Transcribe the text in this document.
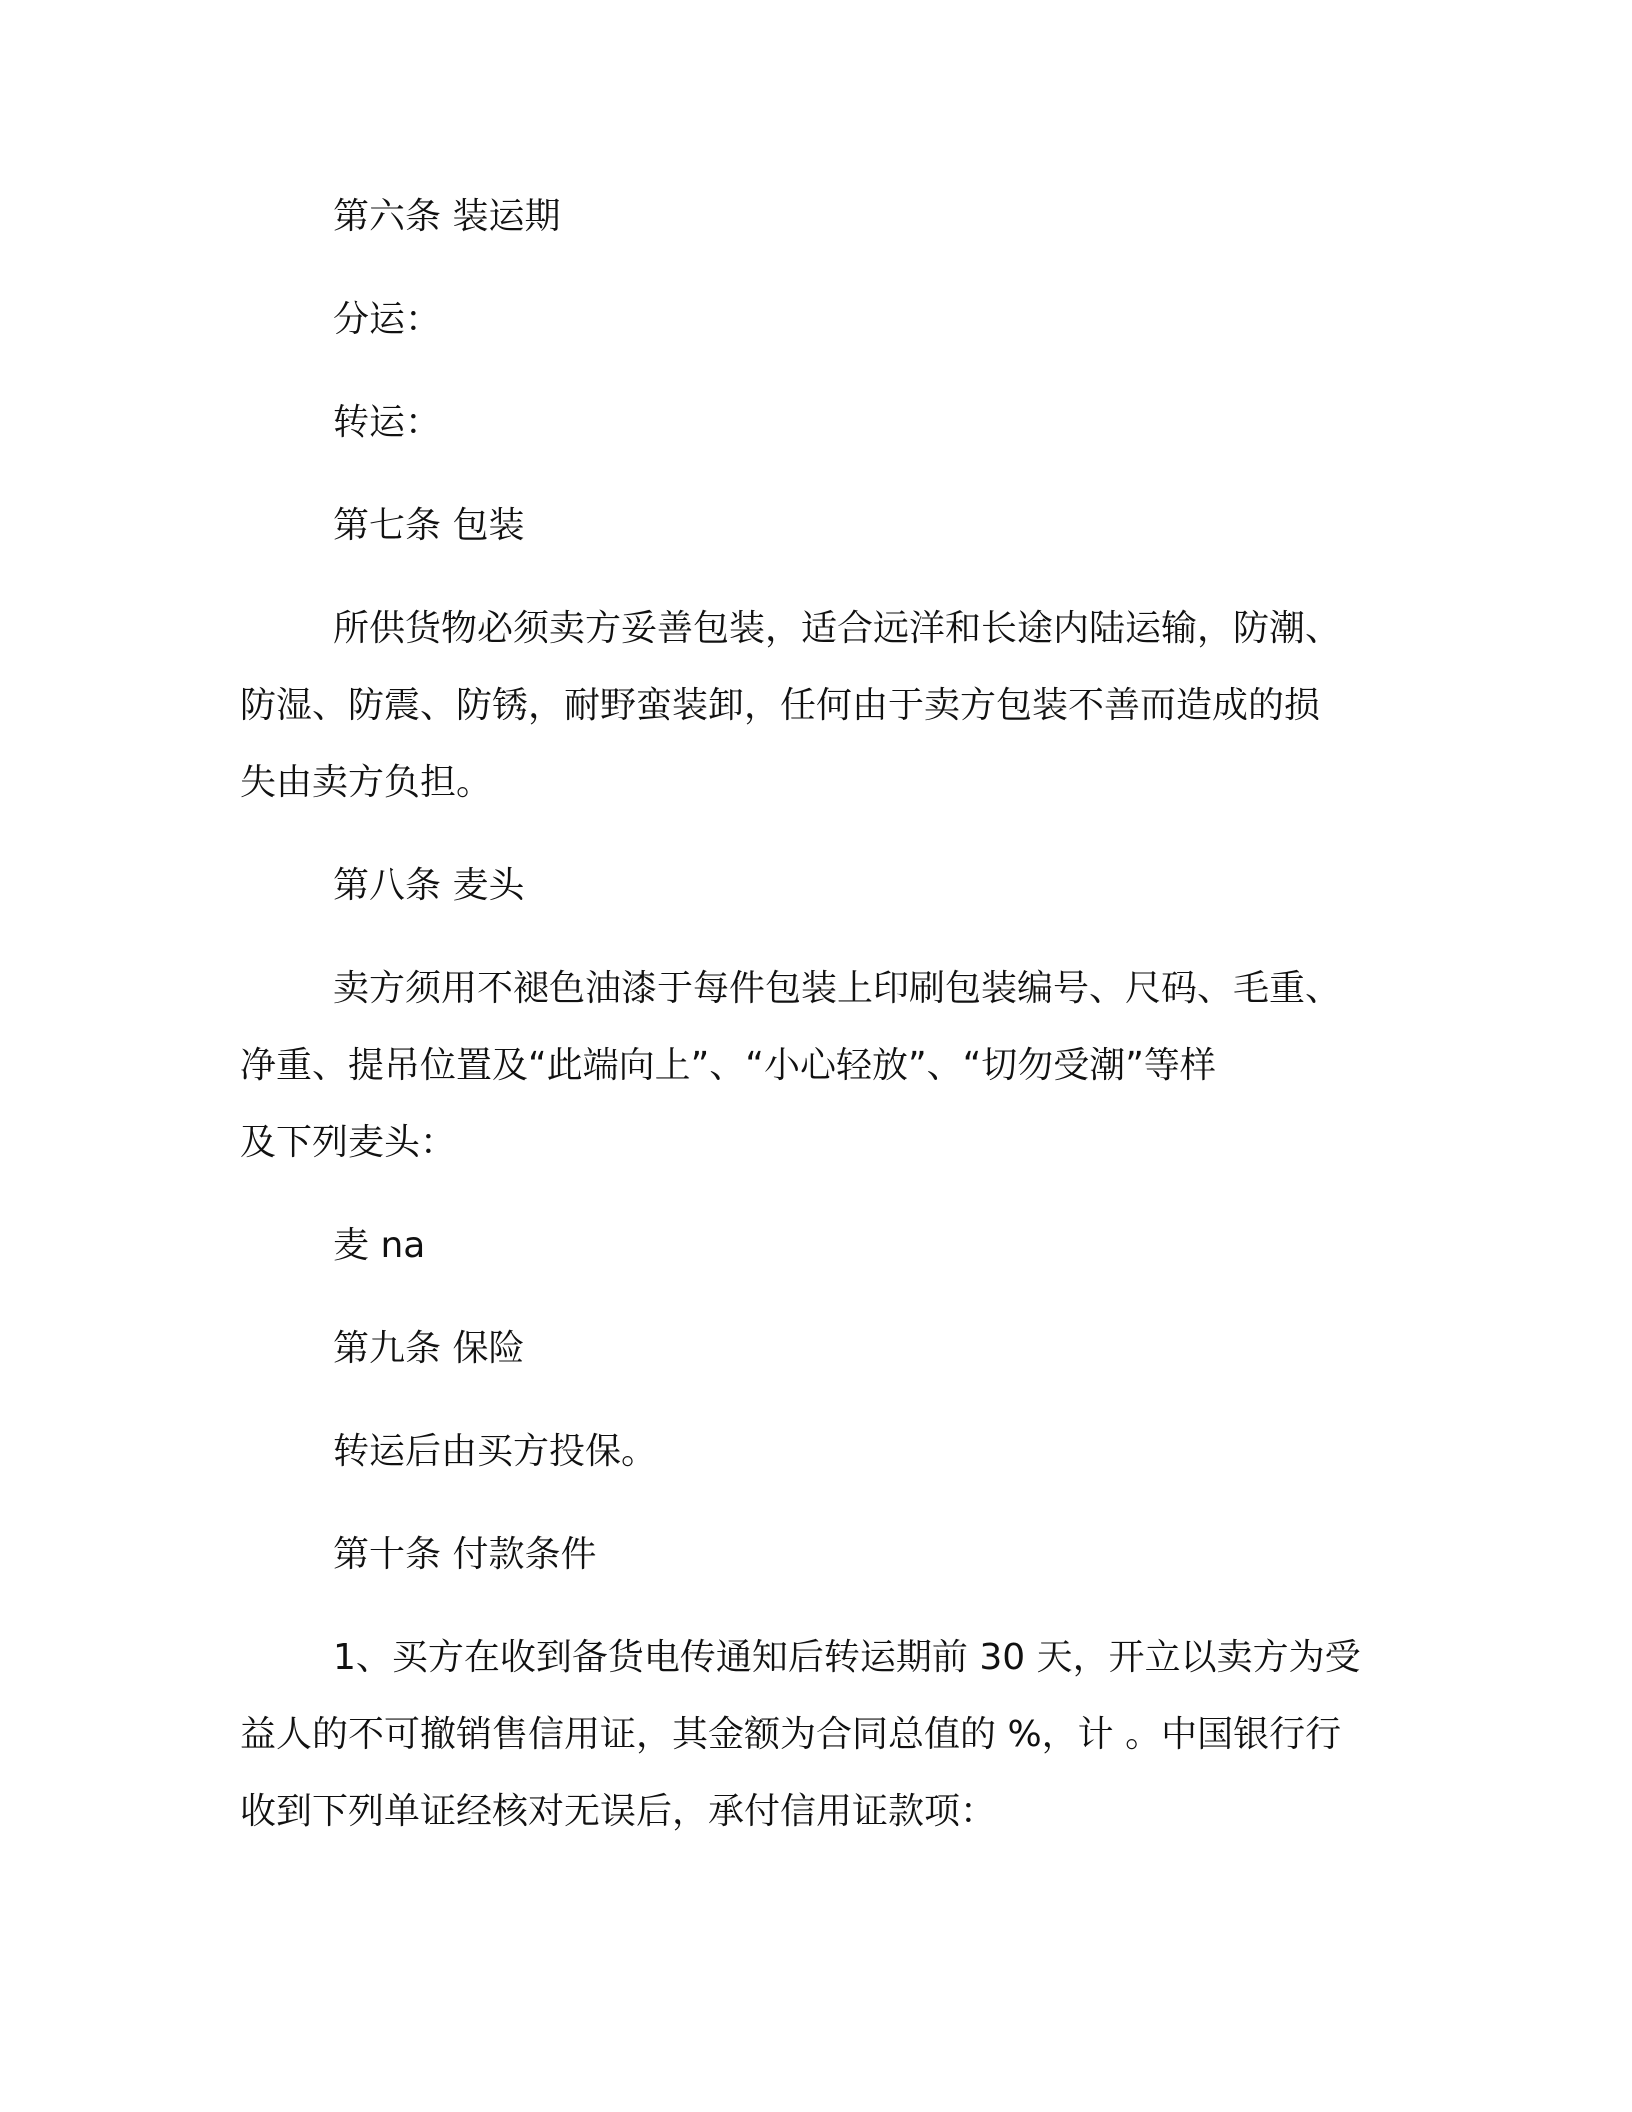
第六条 装运期
分运：
转运：
第七条 包装
所供货物必须卖方妥善包装，适合远洋和长途内陆运输，防潮、
防湿、防震、防锈，耐野蛮装卸，任何由于卖方包装不善而造成的损
失由卖方负担。
第八条 麦头
卖方须用不褪色油漆于每件包装上印刷包装编号、尺码、毛重、
净重、提吊位置及“此端向上”、“小心轻放”、“切勿受潮”等样
及下列麦头：
麦 na
第九条 保险
转运后由买方投保。
第十条 付款条件
1、买方在收到备货电传通知后转运期前 30 天，开立以卖方为受
益人的不可撤销售信用证，其金额为合同总值的 %，计 。中国银行行
收到下列单证经核对无误后，承付信用证款项：
